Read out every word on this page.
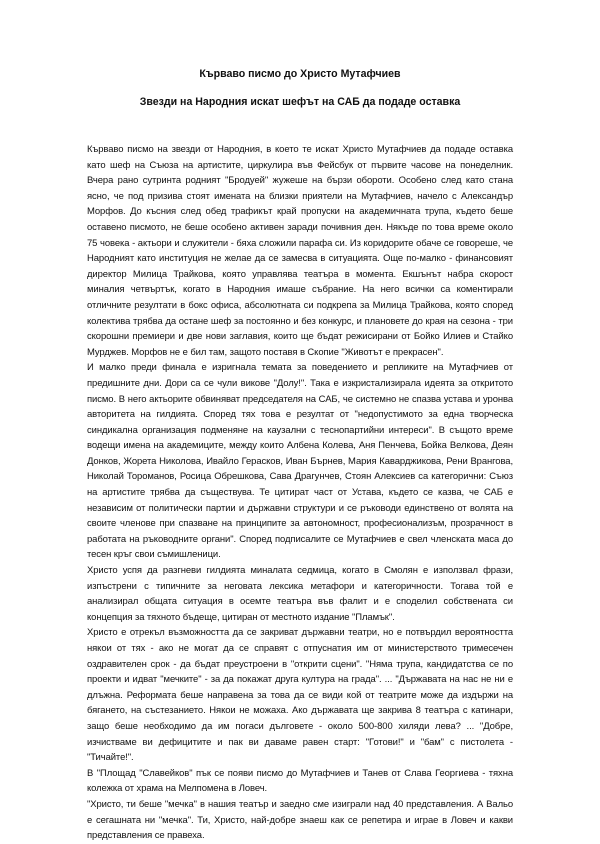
Кърваво писмо до Христо Мутафчиев
Звезди на Народния искат шефът на САБ да подаде оставка

Кърваво писмо на звезди от Народния, в което те искат Христо Мутафчиев да подаде оставка като шеф на Съюза на артистите, циркулира във Фейсбук от първите часове на понеделник. Вчера рано сутринта родният "Бродуей" жужеше на бързи обороти. Особено след като стана ясно, че под призива стоят имената на близки приятели на Мутафчиев, начело с Александър Морфов. До късния след обед трафикът край пропуски на академичната трупа, където беше оставено писмото, не беше особено активен заради почивния ден. Някъде по това време около 75 човека - актьори и служители - бяха сложили парафа си. Из коридорите обаче се говореше, че Народният като институция не желае да се замесва в ситуацията. Още по-малко - финансовият директор Милица Трайкова, която управлява театъра в момента. Екшънът набра скорост миналия четвъртък, когато в Народния имаше събрание. На него всички са коментирали отличните резултати в бокс офиса, абсолютната си подкрепа за Милица Трайкова, която според колектива трябва да остане шеф за постоянно и без конкурс, и плановете до края на сезона - три скорошни премиери и две нови заглавия, които ще бъдат режисирани от Бойко Илиев и Стайко Мурджев. Морфов не е бил там, защото поставя в Скопие "Животът е прекрасен".

И малко преди финала е изригнала темата за поведението и репликите на Мутафчиев от предишните дни. Дори са се чули викове "Долу!". Така е изкристализирала идеята за откритото писмо. В него актьорите обвиняват председателя на САБ, че системно не спазва устава и уронва авторитета на гилдията. Според тях това е резултат от "недопустимото за една творческа синдикална организация подменяне на каузални с теснопартийни интереси". В същото време водещи имена на академиците, между които Албена Колева, Аня Пенчева, Бойка Велкова, Деян Донков, Жорета Николова, Ивайло Герасков, Иван Бърнев, Мария Каварджикова, Рени Врангова, Николай Тороманов, Росица Обрешкова, Сава Драгунчев, Стоян Алексиев са категорични: Съюз на артистите трябва да съществува. Те цитират част от Устава, където се казва, че САБ е независим от политически партии и държавни структури и се ръководи единствено от волята на своите членове при спазване на принципите за автономност, професионализъм, прозрачност в работата на ръководните органи". Според подписалите се Мутафчиев е свел членската маса до тесен кръг свои съмишленици.

Христо успя да разгневи гилдията миналата седмица, когато в Смолян е използвал фрази, изпъстрени с типичните за неговата лексика метафори и категоричности. Тогава той е анализирал общата ситуация в осемте театъра във фалит и е споделил собствената си концепция за тяхното бъдеще, цитиран от местното издание "Пламък".

Христо е отрекъл възможността да се закриват държавни театри, но е потвърдил вероятността някои от тях - ако не могат да се справят с отпуснатия им от министерството тримесечен оздравителен срок - да бъдат преустроени в "открити сцени". "Няма трупа, кандидатства се по проекти и идват "мечките" - за да покажат друга култура на града". ... "Държавата на нас не ни е длъжна. Реформата беше направена за това да се види кой от театрите може да издържи на бягането, на състезанието. Някои не можаха. Ако държавата ще закрива 8 театъра с катинари, защо беше необходимо да им погаси дълговете - около 500-800 хиляди лева? ... "Добре, изчистваме ви дефицитите и пак ви даваме равен старт: "Готови!" и "бам" с пистолета - "Тичайте!".

В "Площад "Славейков" пък се появи писмо до Мутафчиев и Танев от Слава Георгиева - тяхна колежка от храма на Мелпомена в Ловеч.

"Христо, ти беше "мечка" в нашия театър и заедно сме изиграли над 40 представления. А Вальо е сегашната ни "мечка". Ти, Христо, най-добре знаеш как се репетира и играе в Ловеч и какви представления се правеха.
